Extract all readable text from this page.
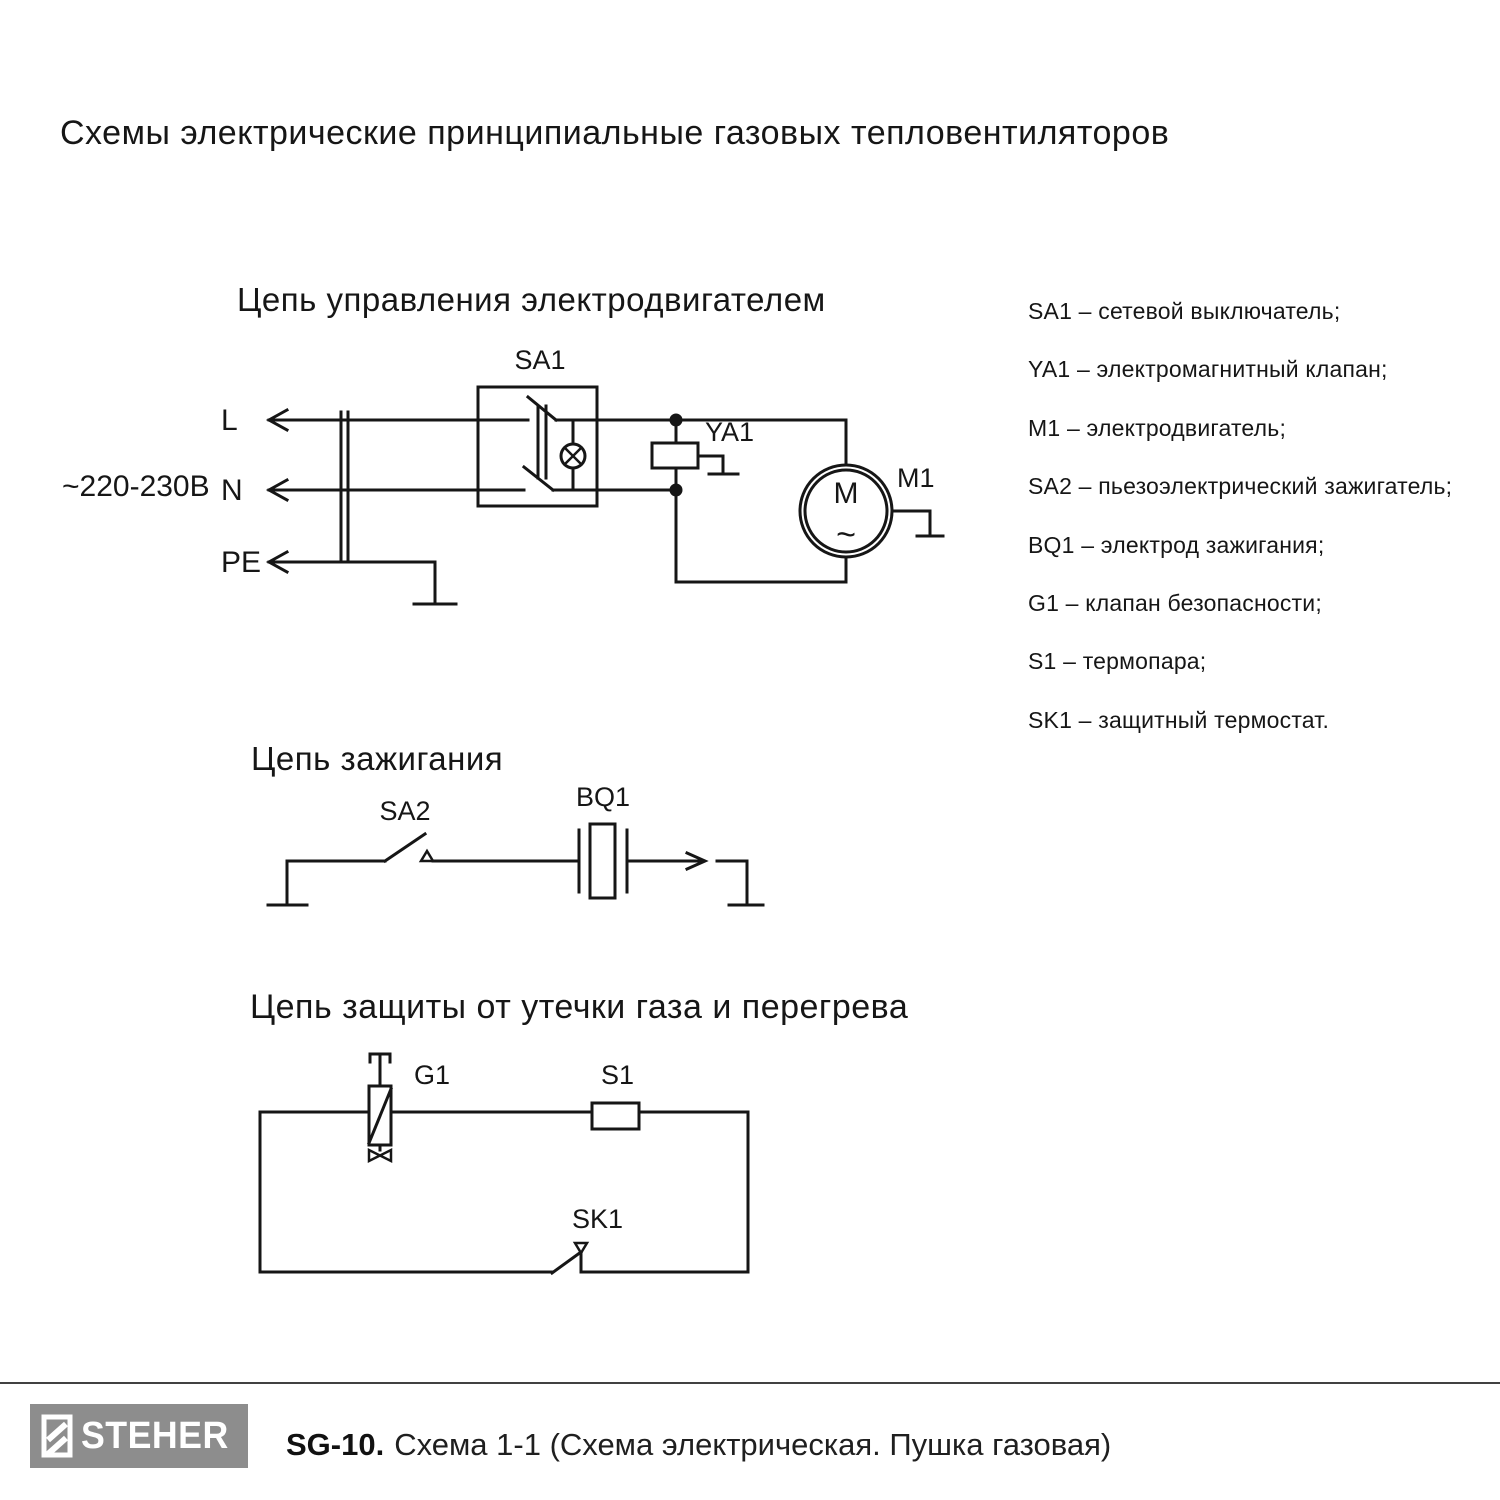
Схемы электрические принципиальные газовых тепловентиляторов
Цепь управления электродвигателем
Цепь зажигания
Цепь защиты от утечки газа и перегрева
SA1 – сетевой выключатель;
YA1 – электромагнитный клапан;
M1 – электродвигатель;
SA2 – пьезоэлектрический зажигатель;
BQ1 – электрод зажигания;
G1 – клапан безопасности;
S1 – термопара;
SK1 – защитный термостат.
~220-230В
L
N
PE
SA1
YA1
M1
M
~
SA2	BQ1
G1	S1
SK1
STEHER SG-10. Схема 1-1 (Схема электрическая. Пушка газовая)
